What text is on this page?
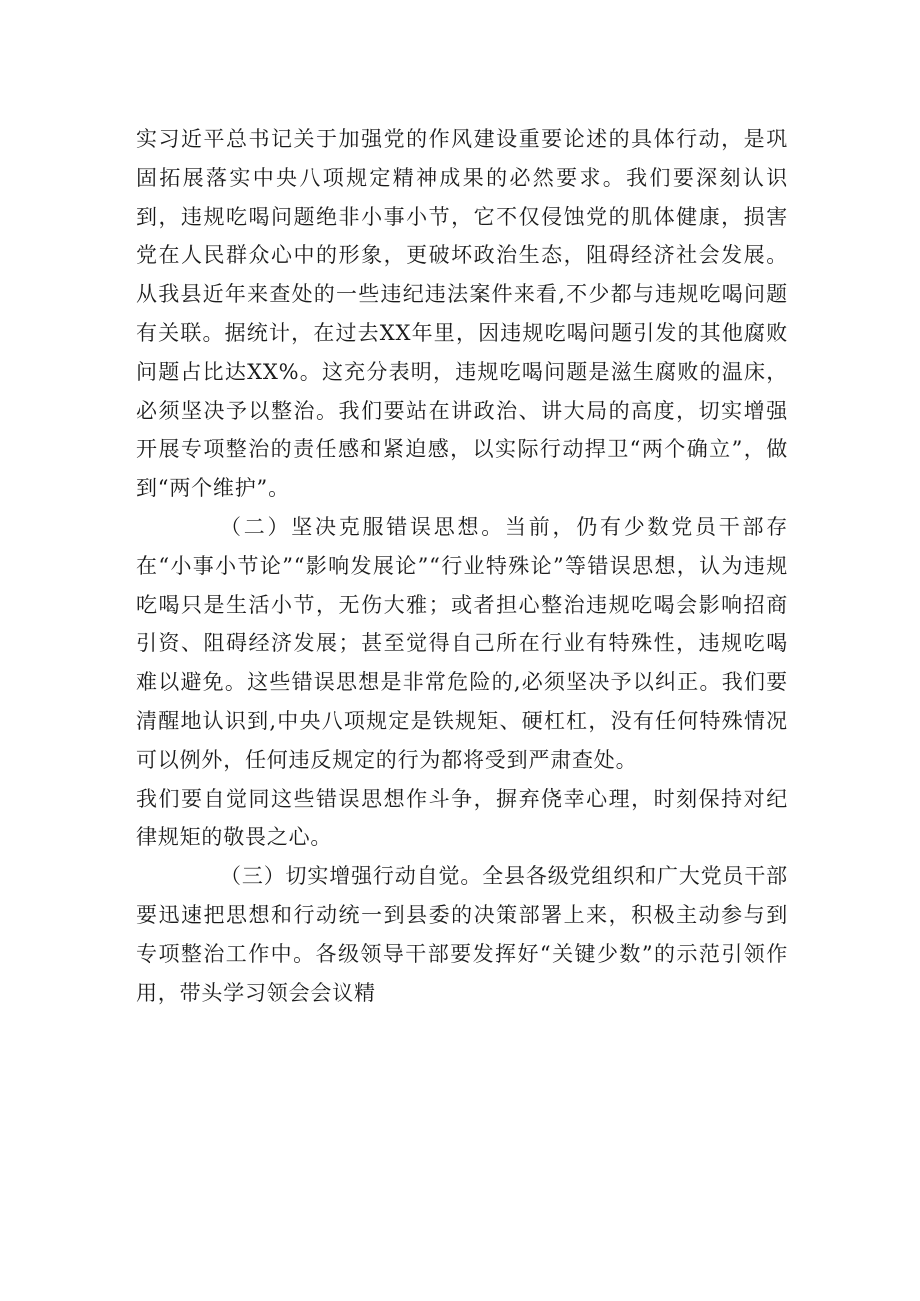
实习近平总书记关于加强党的作风建设重要论述的具体行动，是巩固拓展落实中央八项规定精神成果的必然要求。我们要深刻认识到，违规吃喝问题绝非小事小节，它不仅侵蚀党的肌体健康，损害党在人民群众心中的形象，更破坏政治生态，阻碍经济社会发展。从我县近年来查处的一些违纪违法案件来看,不少都与违规吃喝问题有关联。据统计，在过去XX年里，因违规吃喝问题引发的其他腐败问题占比达XX%。这充分表明，违规吃喝问题是滋生腐败的温床，必须坚决予以整治。我们要站在讲政治、讲大局的高度，切实增强开展专项整治的责任感和紧迫感，以实际行动捍卫“两个确立”，做到“两个维护”。

（二）坚决克服错误思想。当前，仍有少数党员干部存在“小事小节论”“影响发展论”“行业特殊论”等错误思想，认为违规吃喝只是生活小节，无伤大雅；或者担心整治违规吃喝会影响招商引资、阻碍经济发展；甚至觉得自己所在行业有特殊性，违规吃喝难以避免。这些错误思想是非常危险的,必须坚决予以纠正。我们要清醒地认识到,中央八项规定是铁规矩、硬杠杠，没有任何特殊情况可以例外，任何违反规定的行为都将受到严肃查处。

我们要自觉同这些错误思想作斗争，摒弃侥幸心理，时刻保持对纪律规矩的敬畏之心。

（三）切实增强行动自觉。全县各级党组织和广大党员干部要迅速把思想和行动统一到县委的决策部署上来，积极主动参与到专项整治工作中。各级领导干部要发挥好“关键少数”的示范引领作用，带头学习领会会议精
